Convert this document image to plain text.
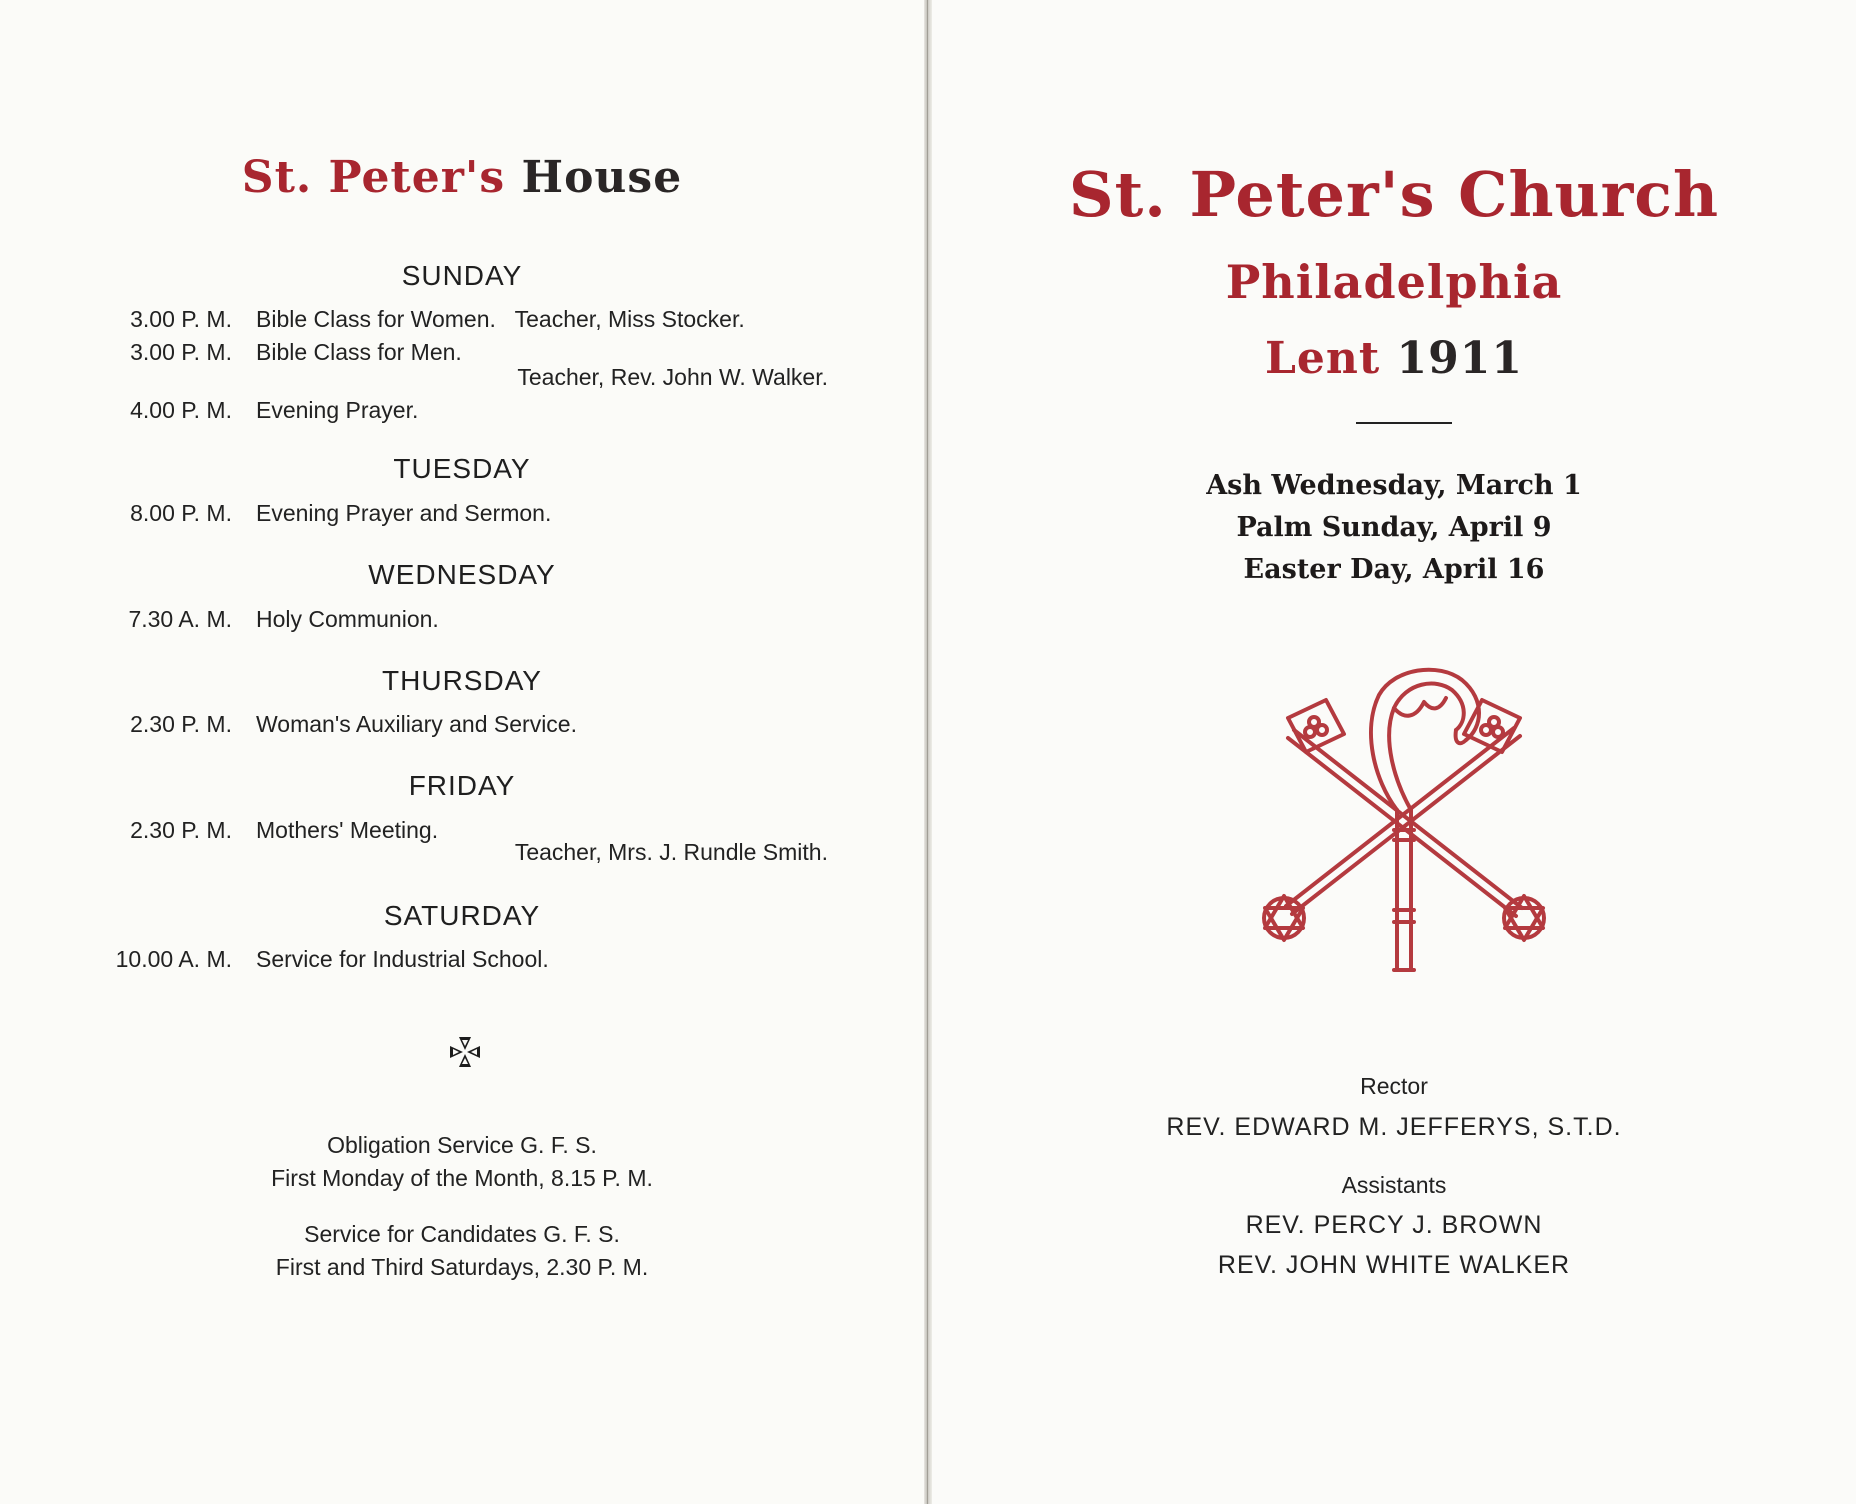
St. Peter's House
SUNDAY
3.00 P. M. Bible Class for Women.   Teacher, Miss Stocker.
3.00 P. M. Bible Class for Men.
Teacher, Rev. John W. Walker.
4.00 P. M. Evening Prayer.
TUESDAY
8.00 P. M. Evening Prayer and Sermon.
WEDNESDAY
7.30 A. M. Holy Communion.
THURSDAY
2.30 P. M. Woman's Auxiliary and Service.
FRIDAY
2.30 P. M. Mothers' Meeting.
Teacher, Mrs. J. Rundle Smith.
SATURDAY
10.00 A. M. Service for Industrial School.
Obligation Service G. F. S.
First Monday of the Month, 8.15 P. M.
Service for Candidates G. F. S.
First and Third Saturdays, 2.30 P. M.
St. Peter's Church
Philadelphia
Lent 1911
Ash Wednesday, March 1
Palm Sunday, April 9
Easter Day, April 16
Rector
REV. EDWARD M. JEFFERYS, S.T.D.
Assistants
REV. PERCY J. BROWN
REV. JOHN WHITE WALKER
